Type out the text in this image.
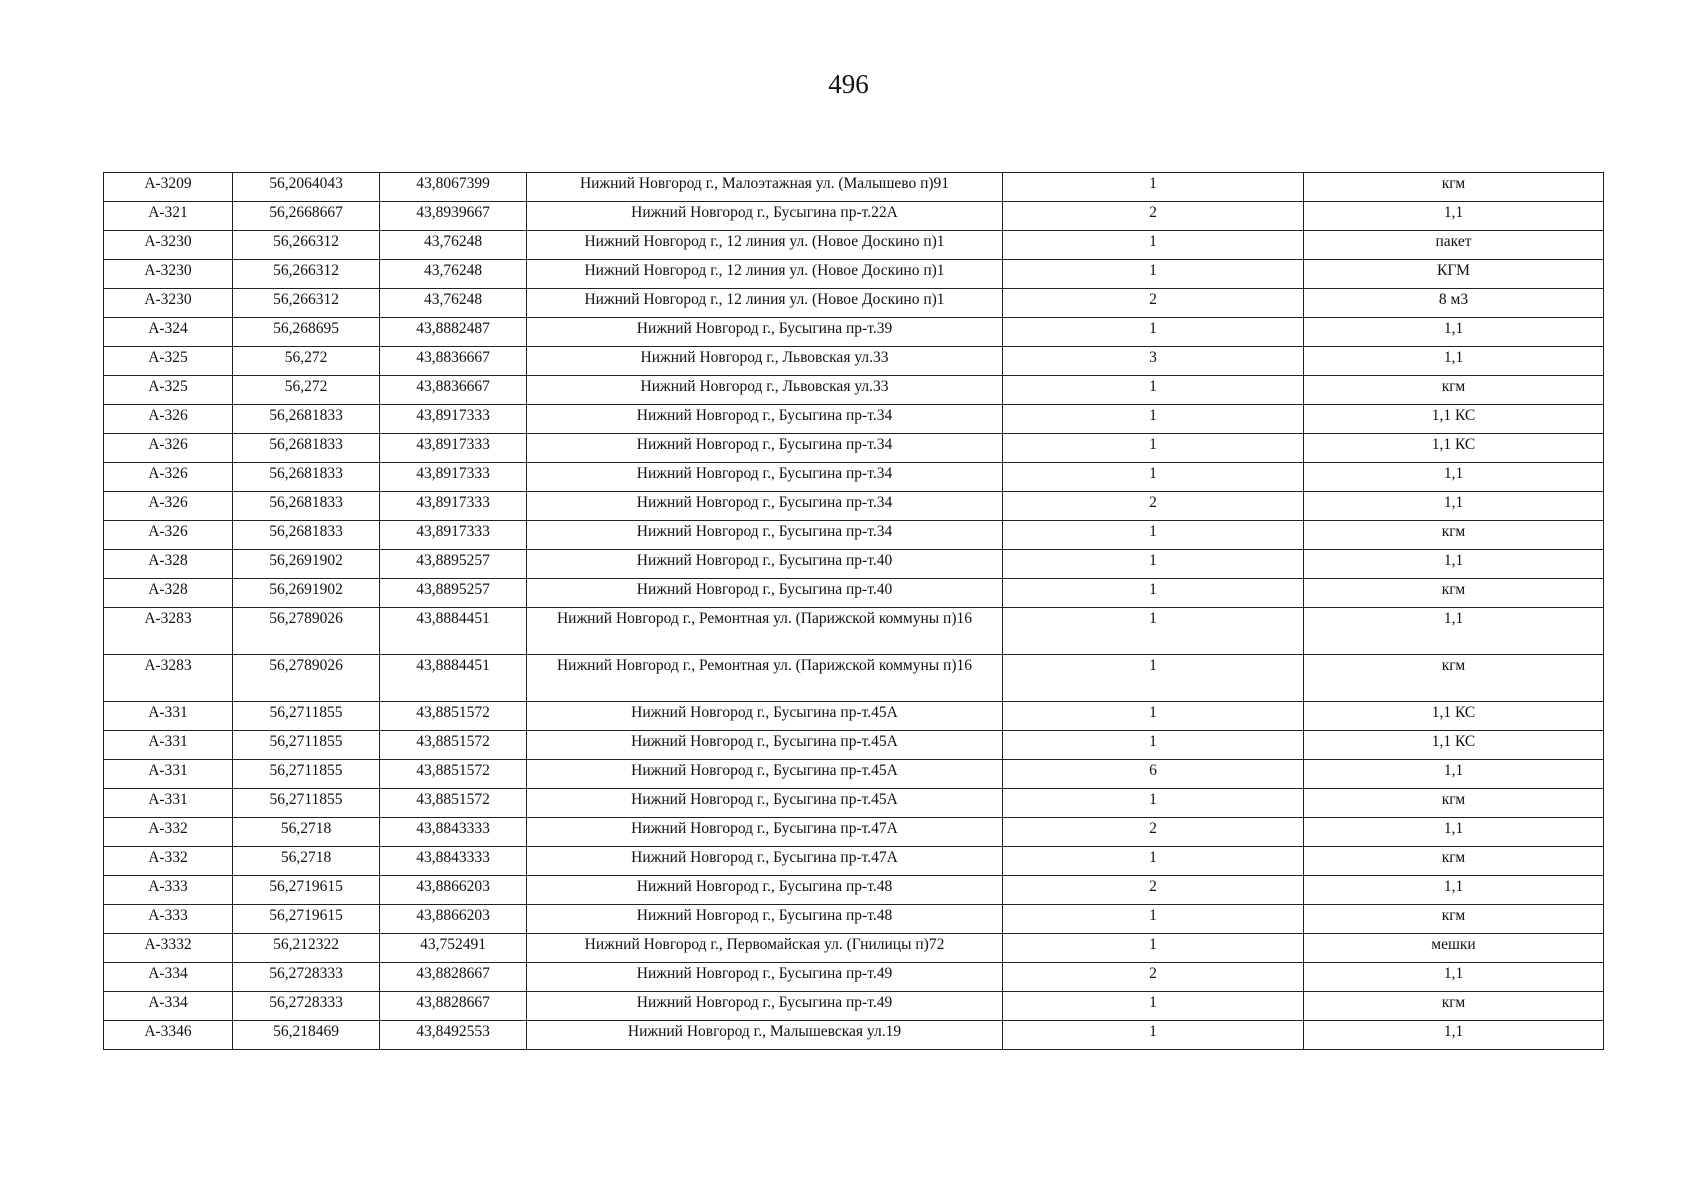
496
А-3209	56,2064043	43,8067399	Нижний Новгород г., Малоэтажная ул. (Малышево п)91	1	кгм
А-321	56,2668667	43,8939667	Нижний Новгород г., Бусыгина пр-т.22А	2	1,1
А-3230	56,266312	43,76248	Нижний Новгород г., 12 линия ул. (Новое Доскино п)1	1	пакет
А-3230	56,266312	43,76248	Нижний Новгород г., 12 линия ул. (Новое Доскино п)1	1	КГМ
А-3230	56,266312	43,76248	Нижний Новгород г., 12 линия ул. (Новое Доскино п)1	2	8 м3
А-324	56,268695	43,8882487	Нижний Новгород г., Бусыгина пр-т.39	1	1,1
А-325	56,272	43,8836667	Нижний Новгород г., Львовская ул.33	3	1,1
А-325	56,272	43,8836667	Нижний Новгород г., Львовская ул.33	1	кгм
А-326	56,2681833	43,8917333	Нижний Новгород г., Бусыгина пр-т.34	1	1,1 КС
А-326	56,2681833	43,8917333	Нижний Новгород г., Бусыгина пр-т.34	1	1,1 КС
А-326	56,2681833	43,8917333	Нижний Новгород г., Бусыгина пр-т.34	1	1,1
А-326	56,2681833	43,8917333	Нижний Новгород г., Бусыгина пр-т.34	2	1,1
А-326	56,2681833	43,8917333	Нижний Новгород г., Бусыгина пр-т.34	1	кгм
А-328	56,2691902	43,8895257	Нижний Новгород г., Бусыгина пр-т.40	1	1,1
А-328	56,2691902	43,8895257	Нижний Новгород г., Бусыгина пр-т.40	1	кгм
А-3283	56,2789026	43,8884451	Нижний Новгород г., Ремонтная ул. (Парижской коммуны п)16	1	1,1
А-3283	56,2789026	43,8884451	Нижний Новгород г., Ремонтная ул. (Парижской коммуны п)16	1	кгм
А-331	56,2711855	43,8851572	Нижний Новгород г., Бусыгина пр-т.45А	1	1,1 КС
А-331	56,2711855	43,8851572	Нижний Новгород г., Бусыгина пр-т.45А	1	1,1 КС
А-331	56,2711855	43,8851572	Нижний Новгород г., Бусыгина пр-т.45А	6	1,1
А-331	56,2711855	43,8851572	Нижний Новгород г., Бусыгина пр-т.45А	1	кгм
А-332	56,2718	43,8843333	Нижний Новгород г., Бусыгина пр-т.47А	2	1,1
А-332	56,2718	43,8843333	Нижний Новгород г., Бусыгина пр-т.47А	1	кгм
А-333	56,2719615	43,8866203	Нижний Новгород г., Бусыгина пр-т.48	2	1,1
А-333	56,2719615	43,8866203	Нижний Новгород г., Бусыгина пр-т.48	1	кгм
А-3332	56,212322	43,752491	Нижний Новгород г., Первомайская ул. (Гнилицы п)72	1	мешки
А-334	56,2728333	43,8828667	Нижний Новгород г., Бусыгина пр-т.49	2	1,1
А-334	56,2728333	43,8828667	Нижний Новгород г., Бусыгина пр-т.49	1	кгм
А-3346	56,218469	43,8492553	Нижний Новгород г., Малышевская ул.19	1	1,1
